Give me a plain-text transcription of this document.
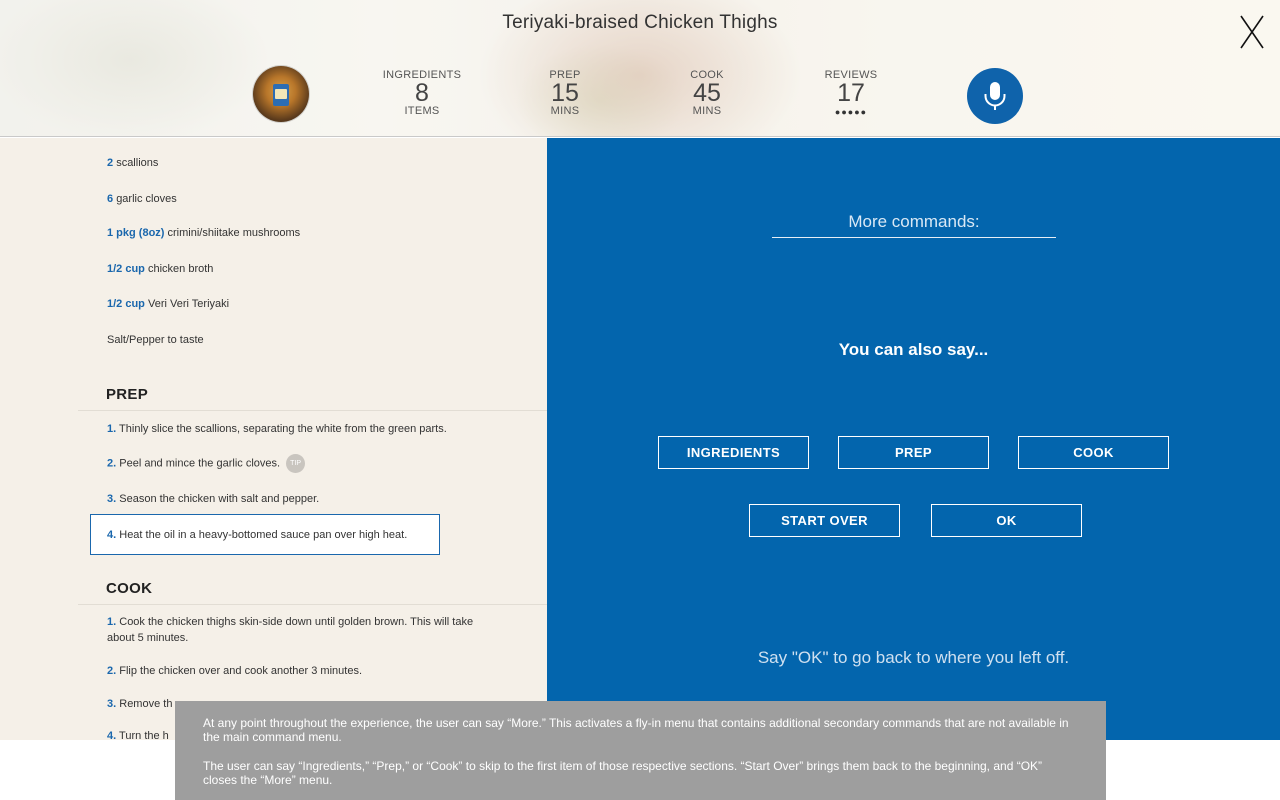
Teriyaki-braised Chicken Thighs
INGREDIENTS
8
ITEMS
PREP
15
MINS
COOK
45
MINS
REVIEWS
17
●●●●●
2 scallions
6 garlic cloves
1 pkg (8oz) crimini/shiitake mushrooms
1/2 cup chicken broth
1/2 cup Veri Veri Teriyaki
Salt/Pepper to taste
PREP
1. Thinly slice the scallions, separating the white from the green parts.
2. Peel and mince the garlic cloves. TIP
3. Season the chicken with salt and pepper.
4. Heat the oil in a heavy-bottomed sauce pan over high heat.
COOK
1. Cook the chicken thighs skin-side down until golden brown. This will take about 5 minutes.
2. Flip the chicken over and cook another 3 minutes.
3. Remove th
4. Turn the h
More commands:
You can also say...
INGREDIENTS	PREP	COOK
START OVER	OK
Say "OK" to go back to where you left off.

At any point throughout the experience, the user can say “More.” This activates a fly-in menu that contains additional secondary commands that are not available in the main command menu.

The user can say “Ingredients,” “Prep,” or “Cook” to skip to the first item of those respective sections. “Start Over” brings them back to the beginning, and “OK” closes the “More” menu.
